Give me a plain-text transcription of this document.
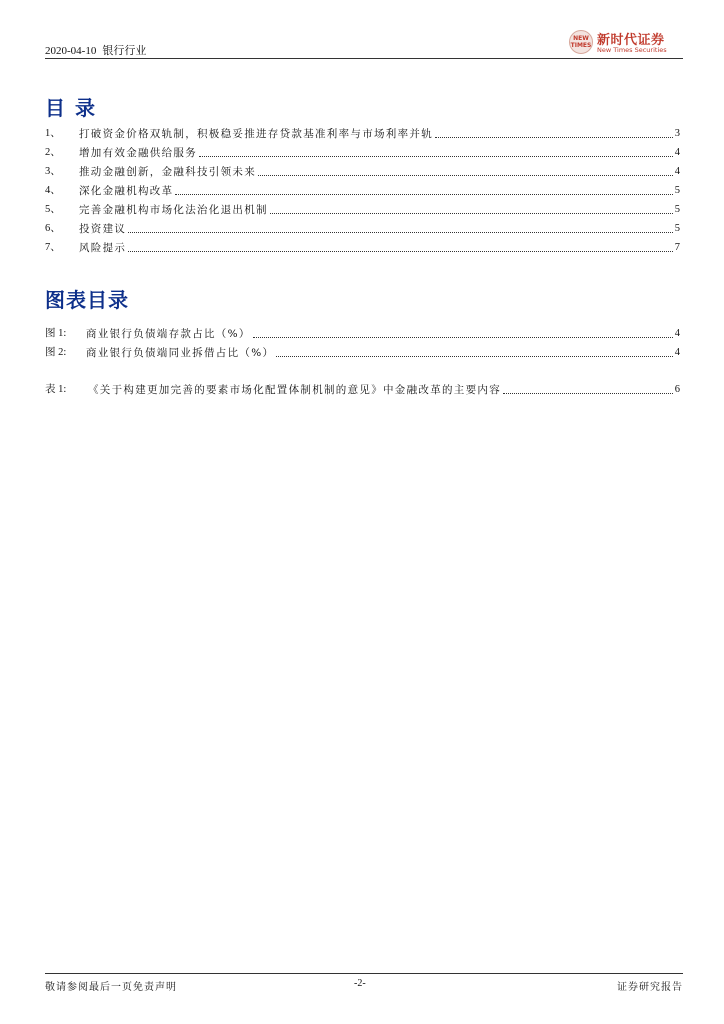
2020-04-10 银行行业
NEW
TIMES 新时代证券
New Times Securities
目录
1、	打破资金价格双轨制，积极稳妥推进存贷款基准利率与市场利率并轨	3
2、	增加有效金融供给服务	4
3、	推动金融创新，金融科技引领未来	4
4、	深化金融机构改革	5
5、	完善金融机构市场化法治化退出机制	5
6、	投资建议	5
7、	风险提示	7
图表目录
图 1:	商业银行负债端存款占比（%）	4
图 2:	商业银行负债端同业拆借占比（%）	4
表 1:	《关于构建更加完善的要素市场化配置体制机制的意见》中金融改革的主要内容	6
敬请参阅最后一页免责声明	-2-	证券研究报告
